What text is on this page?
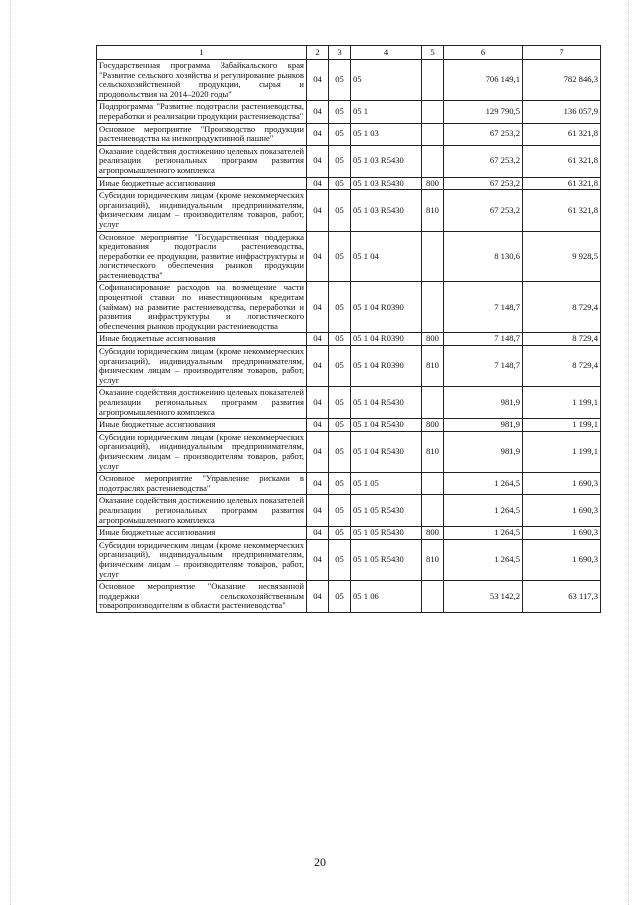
1	2	3	4	5	6	7
Государственная программа Забайкальского края "Развитие сельского хозяйства и регулирование рынков сельскохозяйственной продукции, сырья и продовольствия на 2014–2020 годы"	04	05	05		706 149,1	782 846,3
Подпрограмма "Развитие подотрасли растениеводства, переработки и реализации продукции растениеводства"	04	05	05 1		129 790,5	136 057,9
Основное мероприятие "Производство продукции растениеводства на низкопродуктивной пашне"	04	05	05 1 03		67 253,2	61 321,8
Оказание содействия достижению целевых показателей реализации региональных программ развития агропромышленного комплекса	04	05	05 1 03 R5430		67 253,2	61 321,8
Иные бюджетные ассигнования	04	05	05 1 03 R5430	800	67 253,2	61 321,8
Субсидии юридическим лицам (кроме некоммерческих организаций), индивидуальным предпринимателям, физическим лицам – производителям товаров, работ, услуг	04	05	05 1 03 R5430	810	67 253,2	61 321,8
Основное мероприятие "Государственная поддержка кредитования подотрасли растениеводства, переработки ее продукции, развитие инфраструктуры и логистического обеспечения рынков продукции растениеводства"	04	05	05 1 04		8 130,6	9 928,5
Софинансирование расходов на возмещение части процентной ставки по инвестиционным кредитам (займам) на развитие растениеводства, переработки и развития инфраструктуры и логистического обеспечения рынков продукции растениеводства	04	05	05 1 04 R0390		7 148,7	8 729,4
Иные бюджетные ассигнования	04	05	05 1 04 R0390	800	7 148,7	8 729,4
Субсидии юридическим лицам (кроме некоммерческих организаций), индивидуальным предпринимателям, физическим лицам – производителям товаров, работ, услуг	04	05	05 1 04 R0390	810	7 148,7	8 729,4
Оказание содействия достижению целевых показателей реализации региональных программ развития агропромышленного комплекса	04	05	05 1 04 R5430		981,9	1 199,1
Иные бюджетные ассигнования	04	05	05 1 04 R5430	800	981,9	1 199,1
Субсидии юридическим лицам (кроме некоммерческих организаций), индивидуальным предпринимателям, физическим лицам – производителям товаров, работ, услуг	04	05	05 1 04 R5430	810	981,9	1 199,1
Основное мероприятие "Управление рисками в подотраслях растениеводства"	04	05	05 1 05		1 264,5	1 690,3
Оказание содействия достижению целевых показателей реализации региональных программ развития агропромышленного комплекса	04	05	05 1 05 R5430		1 264,5	1 690,3
Иные бюджетные ассигнования	04	05	05 1 05 R5430	800	1 264,5	1 690,3
Субсидии юридическим лицам (кроме некоммерческих организаций), индивидуальным предпринимателям, физическим лицам – производителям товаров, работ, услуг	04	05	05 1 05 R5430	810	1 264,5	1 690,3
Основное мероприятие "Оказание несвязанной поддержки сельскохозяйственным товаропроизводителям в области растениеводства"	04	05	05 1 06		53 142,2	63 117,3
20
